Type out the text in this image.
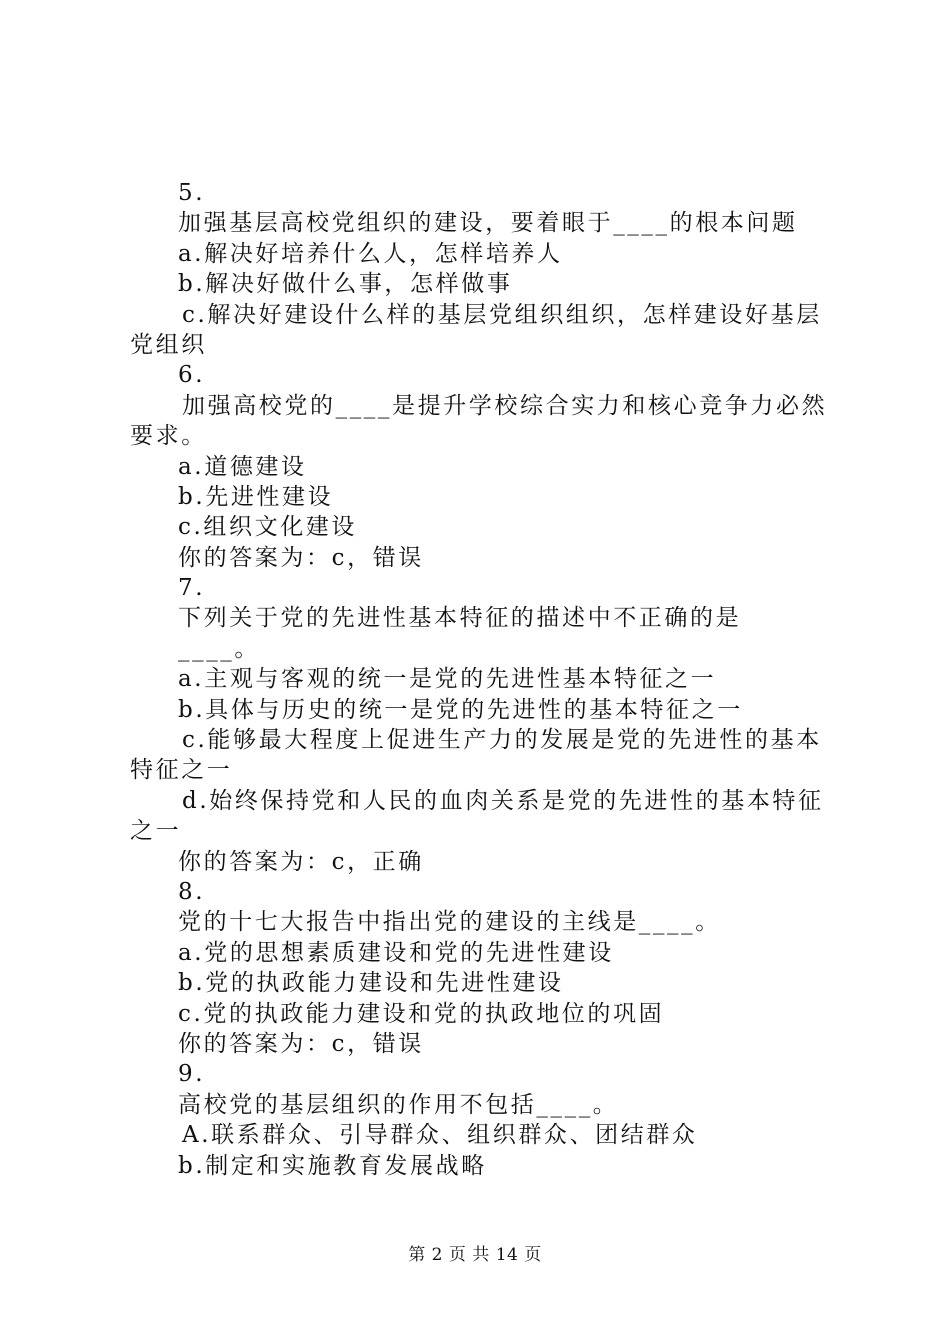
5.
加强基层高校党组织的建设，要着眼于____的根本问题
a.解决好培养什么人，怎样培养人
b.解决好做什么事，怎样做事
c.解决好建设什么样的基层党组织组织，怎样建设好基层
党组织
6.
加强高校党的____是提升学校综合实力和核心竞争力必然
要求。
a.道德建设
b.先进性建设
c.组织文化建设
你的答案为：c，错误
7.
下列关于党的先进性基本特征的描述中不正确的是
____。
a.主观与客观的统一是党的先进性基本特征之一
b.具体与历史的统一是党的先进性的基本特征之一
c.能够最大程度上促进生产力的发展是党的先进性的基本
特征之一
d.始终保持党和人民的血肉关系是党的先进性的基本特征
之一
你的答案为：c，正确
8.
党的十七大报告中指出党的建设的主线是____。
a.党的思想素质建设和党的先进性建设
b.党的执政能力建设和先进性建设
c.党的执政能力建设和党的执政地位的巩固
你的答案为：c，错误
9.
高校党的基层组织的作用不包括____。
A.联系群众、引导群众、组织群众、团结群众
b.制定和实施教育发展战略
第 2 页 共 14 页
